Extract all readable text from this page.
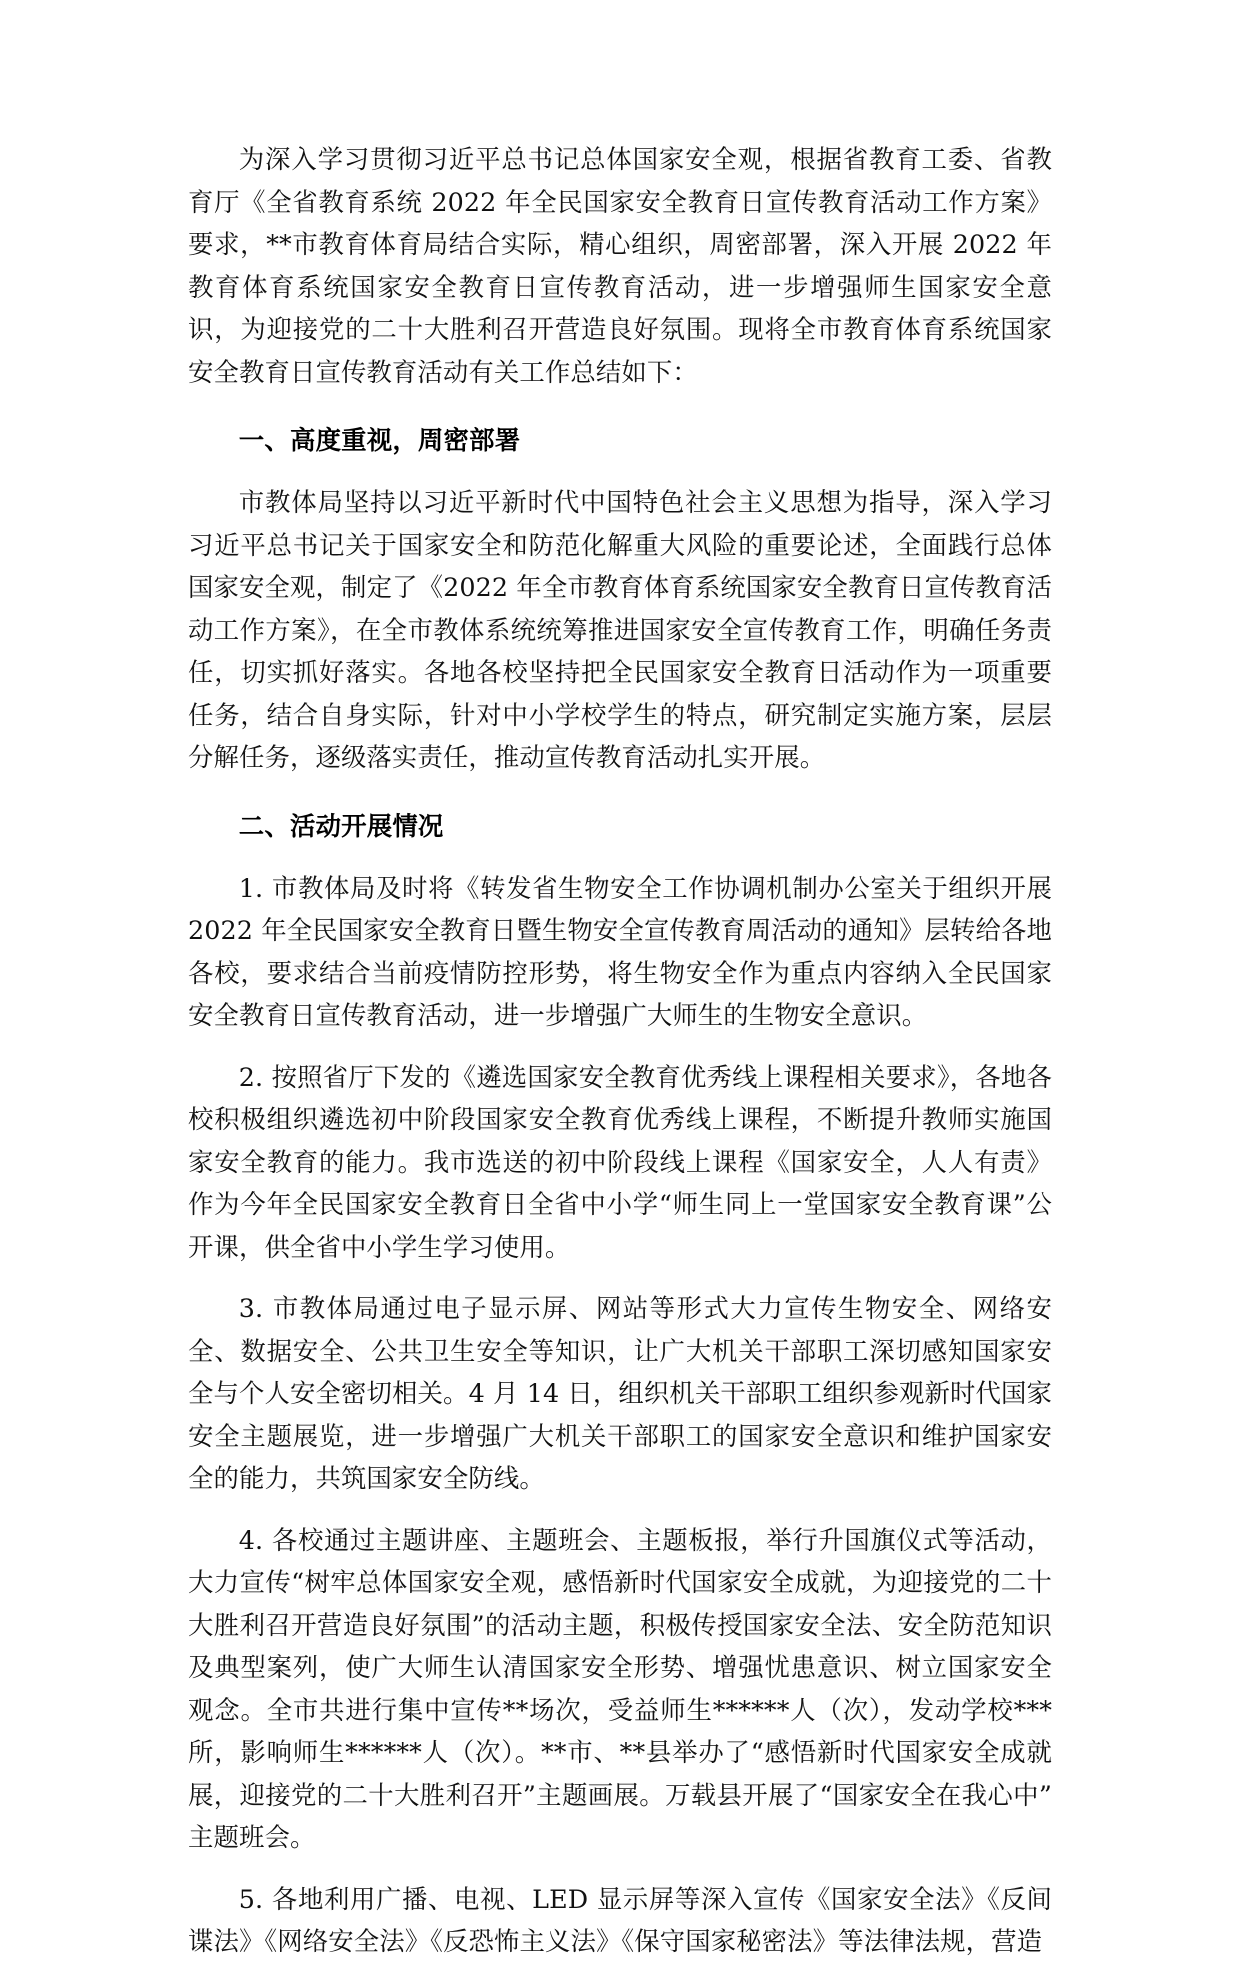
为深入学习贯彻习近平总书记总体国家安全观，根据省教育工委、省教育厅《全省教育系统 2022 年全民国家安全教育日宣传教育活动工作方案》要求，**市教育体育局结合实际，精心组织，周密部署，深入开展 2022 年教育体育系统国家安全教育日宣传教育活动，进一步增强师生国家安全意识，为迎接党的二十大胜利召开营造良好氛围。现将全市教育体育系统国家安全教育日宣传教育活动有关工作总结如下：

一、高度重视，周密部署

市教体局坚持以习近平新时代中国特色社会主义思想为指导，深入学习习近平总书记关于国家安全和防范化解重大风险的重要论述，全面践行总体国家安全观，制定了《2022 年全市教育体育系统国家安全教育日宣传教育活动工作方案》，在全市教体系统统筹推进国家安全宣传教育工作，明确任务责任，切实抓好落实。各地各校坚持把全民国家安全教育日活动作为一项重要任务，结合自身实际，针对中小学校学生的特点，研究制定实施方案，层层分解任务，逐级落实责任，推动宣传教育活动扎实开展。

二、活动开展情况

1. 市教体局及时将《转发省生物安全工作协调机制办公室关于组织开展 2022 年全民国家安全教育日暨生物安全宣传教育周活动的通知》层转给各地各校，要求结合当前疫情防控形势，将生物安全作为重点内容纳入全民国家安全教育日宣传教育活动，进一步增强广大师生的生物安全意识。

2. 按照省厅下发的《遴选国家安全教育优秀线上课程相关要求》，各地各校积极组织遴选初中阶段国家安全教育优秀线上课程，不断提升教师实施国家安全教育的能力。我市选送的初中阶段线上课程《国家安全，人人有责》作为今年全民国家安全教育日全省中小学“师生同上一堂国家安全教育课”公开课，供全省中小学生学习使用。

3. 市教体局通过电子显示屏、网站等形式大力宣传生物安全、网络安全、数据安全、公共卫生安全等知识，让广大机关干部职工深切感知国家安全与个人安全密切相关。4 月 14 日，组织机关干部职工组织参观新时代国家安全主题展览，进一步增强广大机关干部职工的国家安全意识和维护国家安全的能力，共筑国家安全防线。

4. 各校通过主题讲座、主题班会、主题板报，举行升国旗仪式等活动，大力宣传“树牢总体国家安全观，感悟新时代国家安全成就，为迎接党的二十大胜利召开营造良好氛围”的活动主题，积极传授国家安全法、安全防范知识及典型案列，使广大师生认清国家安全形势、增强忧患意识、树立国家安全观念。全市共进行集中宣传**场次，受益师生******人（次），发动学校***所，影响师生******人（次）。**市、**县举办了“感悟新时代国家安全成就展，迎接党的二十大胜利召开”主题画展。万载县开展了“国家安全在我心中”主题班会。

5. 各地利用广播、电视、LED 显示屏等深入宣传《国家安全法》《反间谍法》《网络安全法》《反恐怖主义法》《保守国家秘密法》等法律法规，营造
